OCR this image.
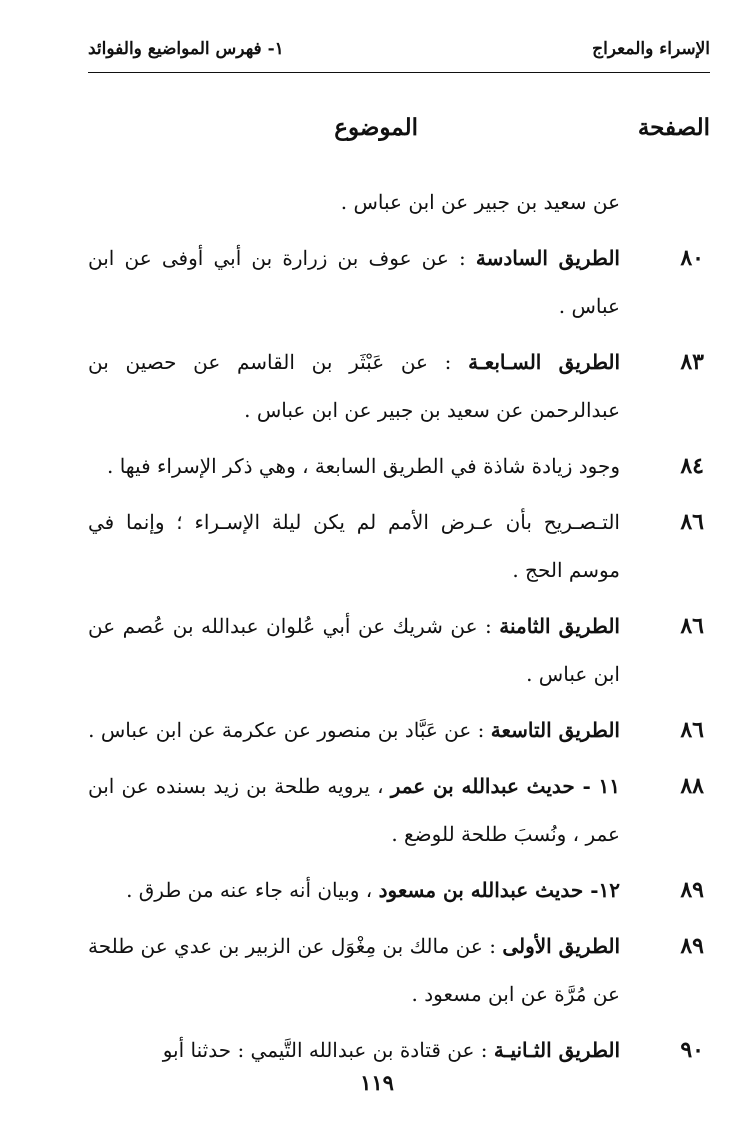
الإسراء والمعراج
١- فهرس المواضيع والفوائد
الصفحة
الموضوع
عن سعيد بن جبير عن ابن عباس .
٨٠
الطريق السادسة : عن عوف بن زرارة بن أبي أوفى عن ابن عباس .
٨٣
الطريق السـابعـة : عن عَبْثَر بن القاسم عن حصين بن عبدالرحمن عن سعيد بن جبير عن ابن عباس .
٨٤
وجود زيادة شاذة في الطريق السابعة ، وهي ذكر الإسراء فيها .
٨٦
التـصـريح بأن عـرض الأمم لم يكن ليلة الإسـراء ؛ وإنما في موسم الحج .
٨٦
الطريق الثامنة : عن شريك عن أبي عُلوان عبدالله بن عُصم عن ابن عباس .
٨٦
الطريق التاسعة : عن عَبَّاد بن منصور عن عكرمة عن ابن عباس .
٨٨
١١ - حديث عبدالله بن عمر ، يرويه طلحة بن زيد بسنده عن ابن عمر ، ونُسبَ طلحة للوضع .
٨٩
١٢- حديث عبدالله بن مسعود ، وبيان أنه جاء عنه من طرق .
٨٩
الطريق الأولى : عن مالك بن مِغْوَل عن الزبير بن عدي عن طلحة عن مُرَّة عن ابن مسعود .
٩٠
الطريق الثـانيـة : عن قتادة بن عبدالله التَّيمي : حدثنا أبو
١١٩
